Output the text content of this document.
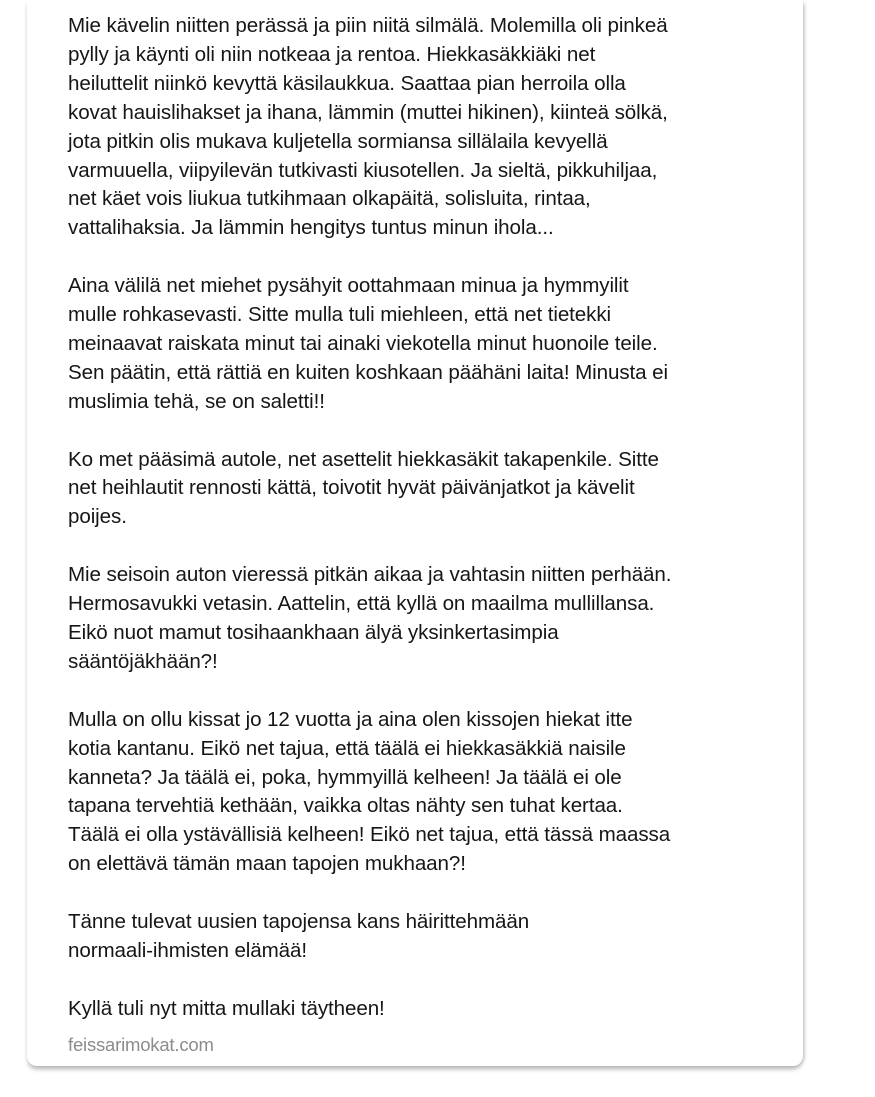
Mie kävelin niitten perässä ja piin niitä silmälä. Molemilla oli pinkeä
pylly ja käynti oli niin notkeaa ja rentoa. Hiekkasäkkiäki net
heiluttelit niinkö kevyttä käsilaukkua. Saattaa pian herroila olla
kovat hauislihakset ja ihana, lämmin (muttei hikinen), kiinteä sölkä,
jota pitkin olis mukava kuljetella sormiansa sillälaila kevyellä
varmuuella, viipyilevän tutkivasti kiusotellen. Ja sieltä, pikkuhiljaa,
net käet vois liukua tutkihmaan olkapäitä, solisluita, rintaa,
vattalihaksia. Ja lämmin hengitys tuntus minun ihola...

Aina välilä net miehet pysähyit oottahmaan minua ja hymmyilit
mulle rohkasevasti. Sitte mulla tuli miehleen, että net tietekki
meinaavat raiskata minut tai ainaki viekotella minut huonoile teile.
Sen päätin, että rättiä en kuiten koshkaan päähäni laita! Minusta ei
muslimia tehä, se on saletti!!

Ko met pääsimä autole, net asettelit hiekkasäkit takapenkile. Sitte
net heihlautit rennosti kättä, toivotit hyvät päivänjatkot ja kävelit
poijes.

Mie seisoin auton vieressä pitkän aikaa ja vahtasin niitten perhään.
Hermosavukki vetasin. Aattelin, että kyllä on maailma mullillansa.
Eikö nuot mamut tosihaankhaan älyä yksinkertasimpia
sääntöjäkhään?!

Mulla on ollu kissat jo 12 vuotta ja aina olen kissojen hiekat itte
kotia kantanu. Eikö net tajua, että täälä ei hiekkasäkkiä naisile
kanneta? Ja täälä ei, poka, hymmyillä kelheen! Ja täälä ei ole
tapana tervehtiä kethään, vaikka oltas nähty sen tuhat kertaa.
Täälä ei olla ystävällisiä kelheen! Eikö net tajua, että tässä maassa
on elettävä tämän maan tapojen mukhaan?!

Tänne tulevat uusien tapojensa kans häirittehmään
normaali-ihmisten elämää!

Kyllä tuli nyt mitta mullaki täytheen!

feissarimokat.com
